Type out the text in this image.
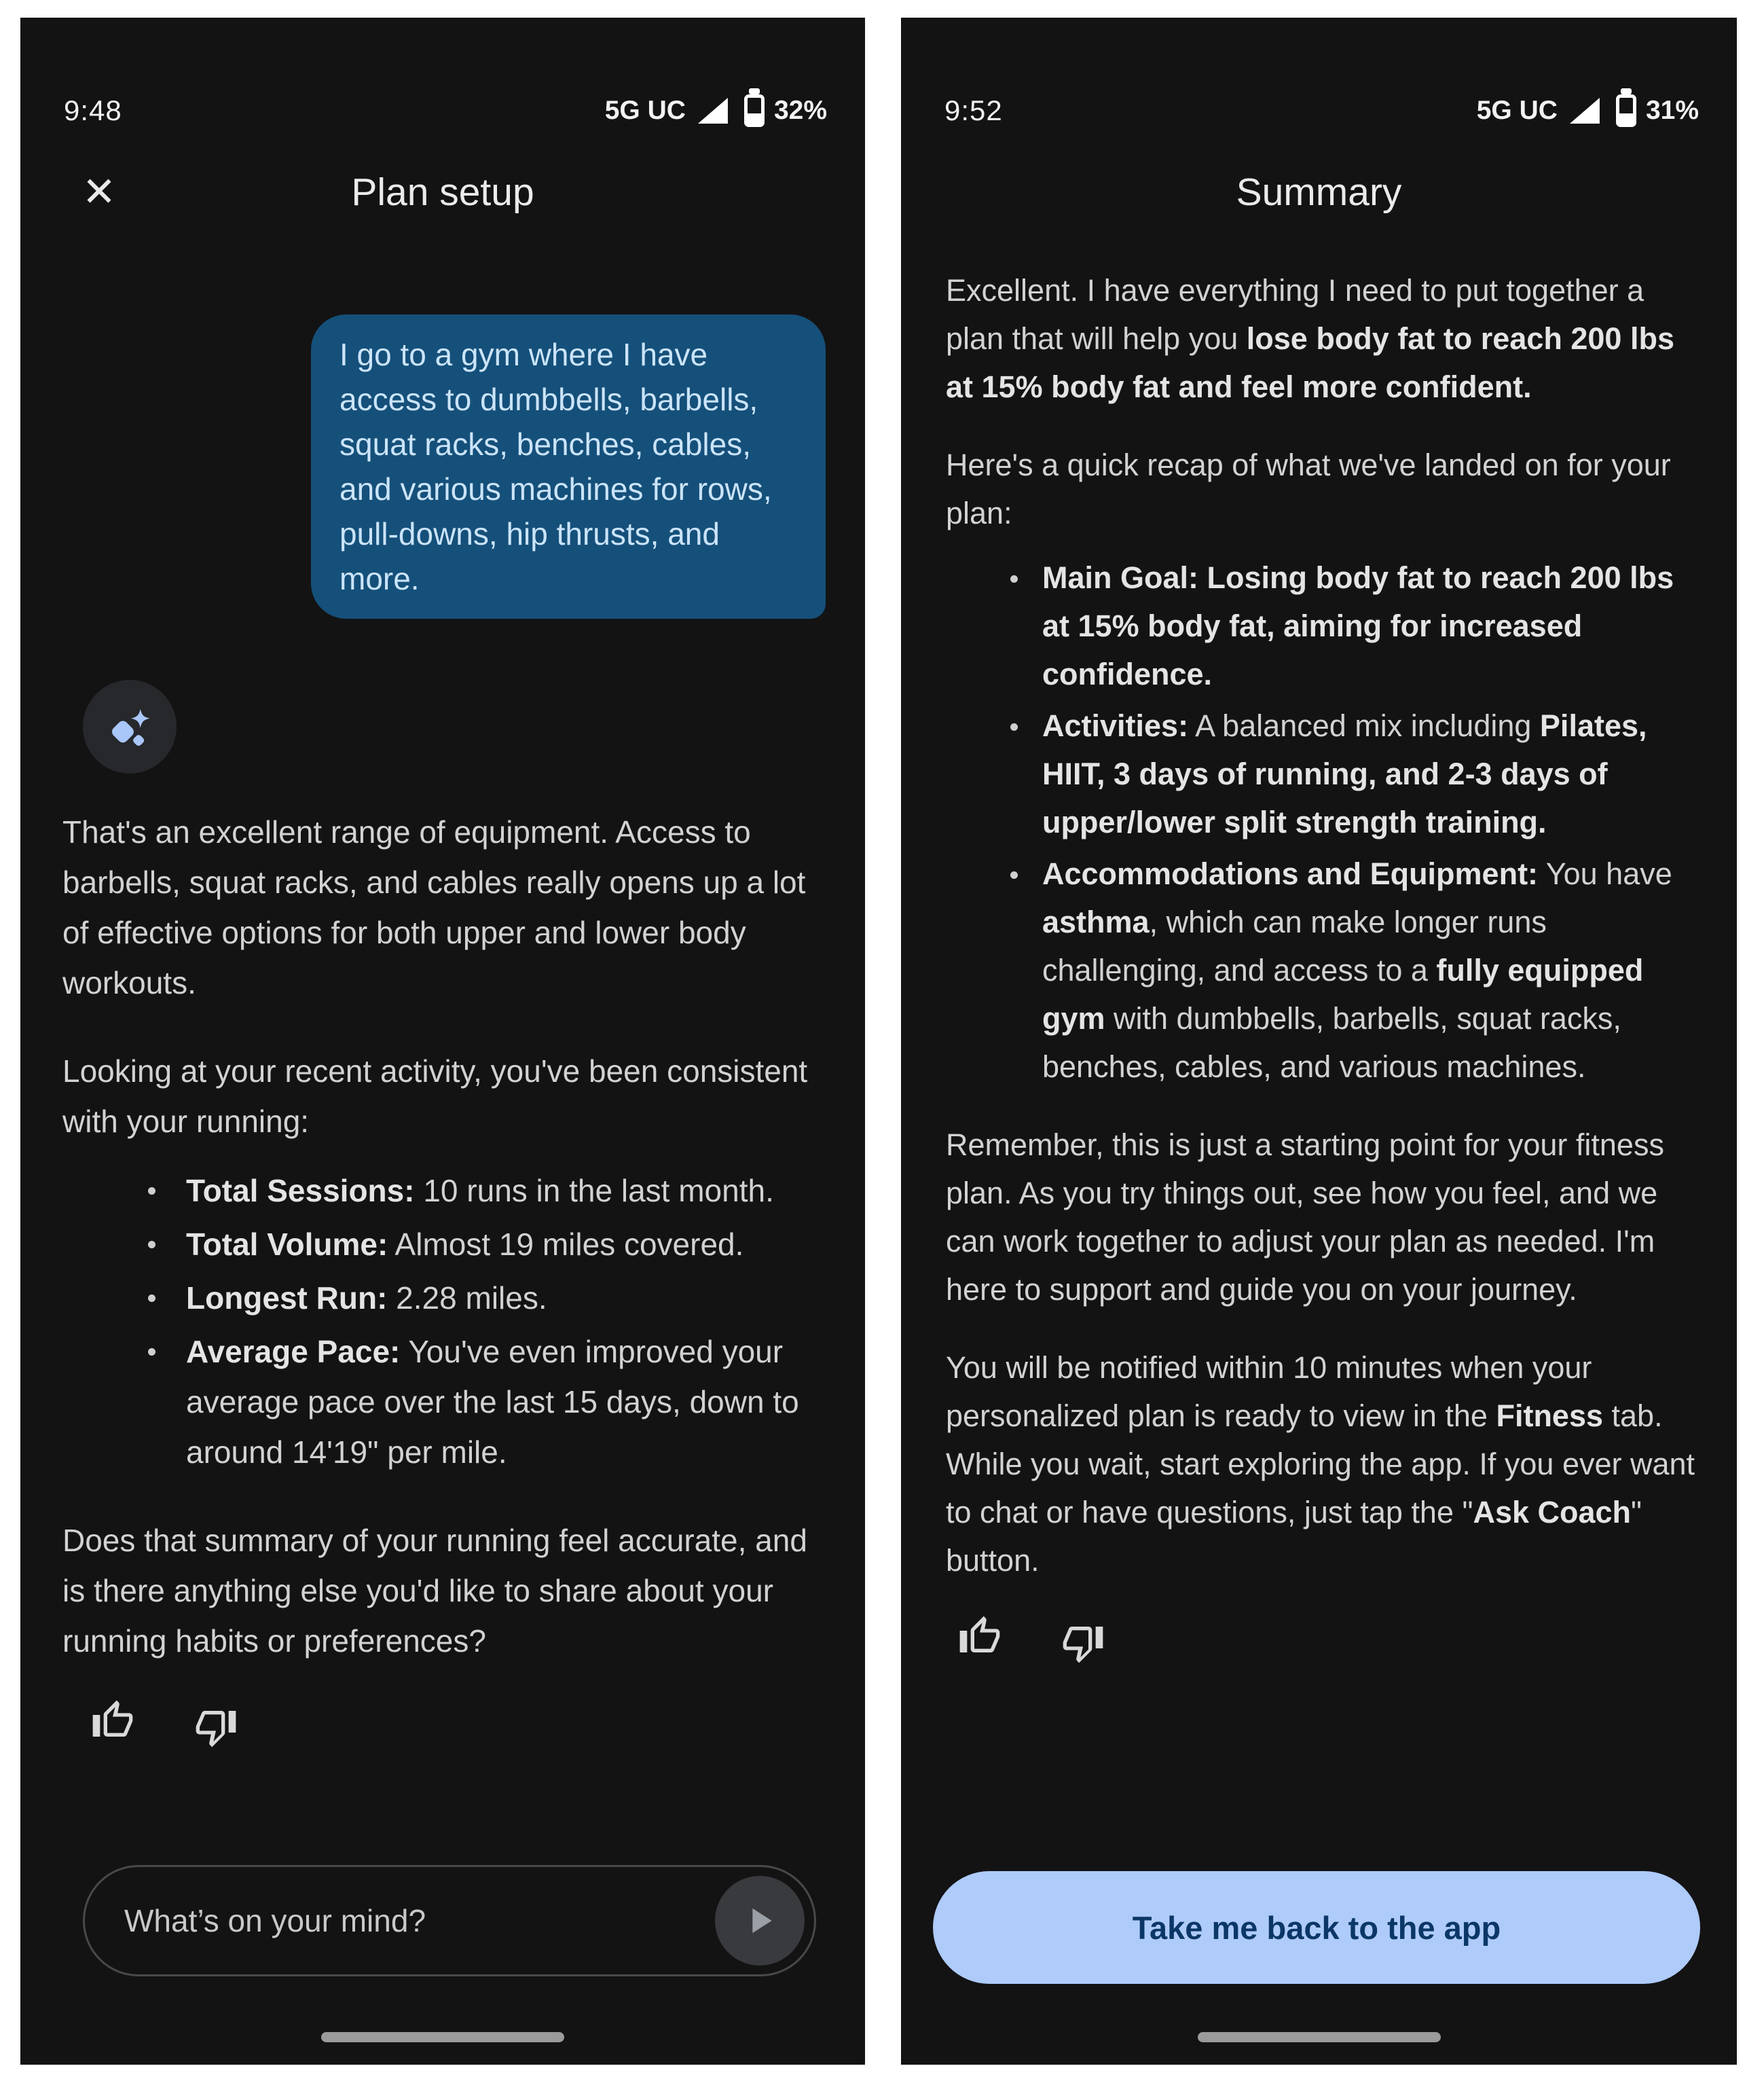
9:48	5G UC	32%
✕	Plan setup
I go to a gym where I have access to dumbbells, barbells, squat racks, benches, cables, and various machines for rows, pull-downs, hip thrusts, and more.

That's an excellent range of equipment. Access to barbells, squat racks, and cables really opens up a lot of effective options for both upper and lower body workouts.

Looking at your recent activity, you've been consistent with your running:

Total Sessions: 10 runs in the last month.
Total Volume: Almost 19 miles covered.
Longest Run: 2.28 miles.
Average Pace: You've even improved your average pace over the last 15 days, down to around 14'19" per mile.

Does that summary of your running feel accurate, and is there anything else you'd like to share about your running habits or preferences?

What’s on your mind?
9:52	5G UC	31%
Summary

Excellent. I have everything I need to put together a plan that will help you lose body fat to reach 200 lbs at 15% body fat and feel more confident.

Here's a quick recap of what we've landed on for your plan:

Main Goal: Losing body fat to reach 200 lbs at 15% body fat, aiming for increased confidence.
Activities: A balanced mix including Pilates, HIIT, 3 days of running, and 2-3 days of upper/lower split strength training.
Accommodations and Equipment: You have asthma, which can make longer runs challenging, and access to a fully equipped gym with dumbbells, barbells, squat racks, benches, cables, and various machines.

Remember, this is just a starting point for your fitness plan. As you try things out, see how you feel, and we can work together to adjust your plan as needed. I'm here to support and guide you on your journey.

You will be notified within 10 minutes when your personalized plan is ready to view in the Fitness tab. While you wait, start exploring the app. If you ever want to chat or have questions, just tap the "Ask Coach" button.

Take me back to the app
